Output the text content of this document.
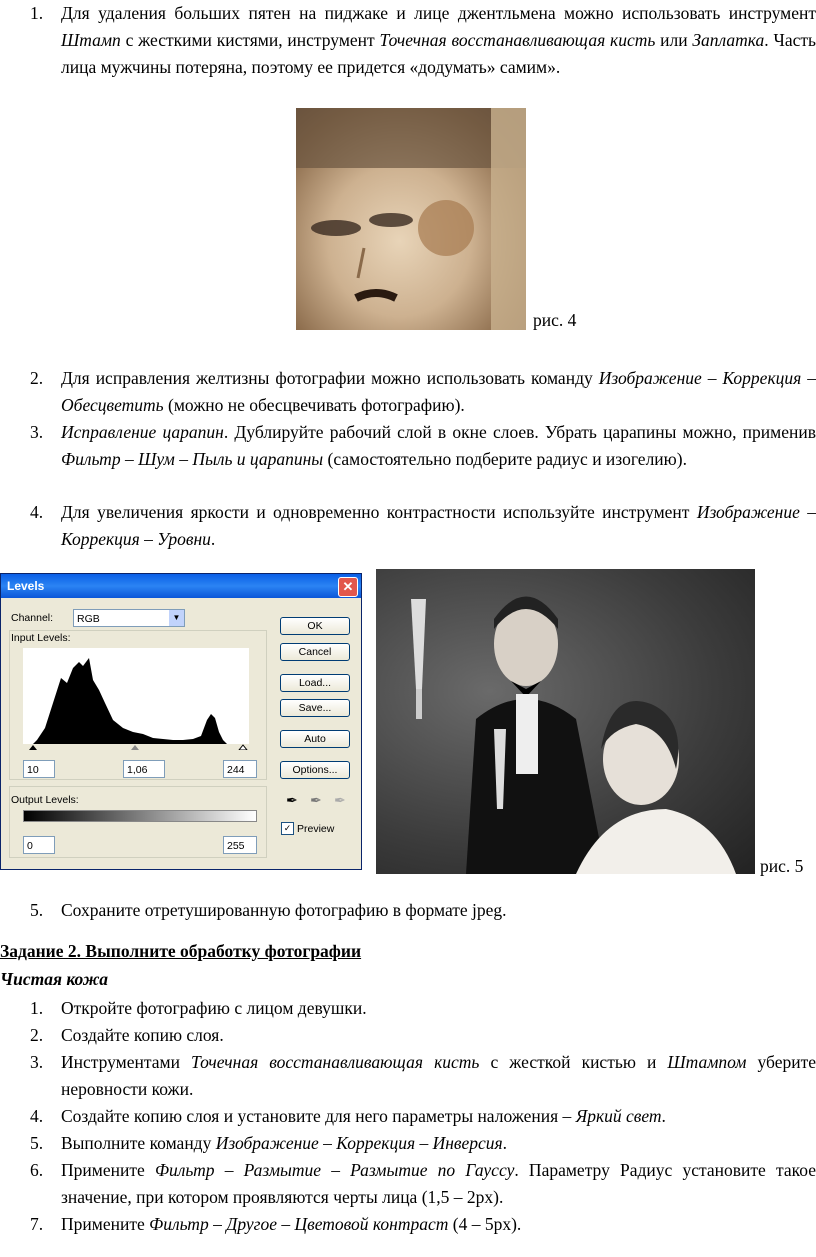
1. Для удаления больших пятен на пиджаке и лице джентльмена можно использовать инструмент Штамп с жесткими кистями, инструмент Точечная восстанавливающая кисть или Заплатка. Часть лица мужчины потеряна, поэтому ее придется «додумать» самим».
рис. 4
2. Для исправления желтизны фотографии можно использовать команду Изображение – Коррекция – Обесцветить (можно не обесцвечивать фотографию).
3. Исправление царапин. Дублируйте рабочий слой в окне слоев. Убрать царапины можно, применив Фильтр – Шум – Пыль и царапины (самостоятельно подберите радиус и изогелию).
4. Для увеличения яркости и одновременно контрастности используйте инструмент Изображение – Коррекция – Уровни.
Levels	✕
Channel:	RGB	▼
Input Levels:
10	1,06	244
Output Levels:
0	255
OK
Cancel
Load...
Save...
Auto
Options...
✒ ✒ ✒
✓ Preview
рис. 5
5. Сохраните отретушированную фотографию в формате jpeg.
Задание 2. Выполните обработку фотографии
Чистая кожа
1. Откройте фотографию с лицом девушки.
2. Создайте копию слоя.
3. Инструментами Точечная восстанавливающая кисть с жесткой кистью и Штампом уберите неровности кожи.
4. Создайте копию слоя и установите для него параметры наложения – Яркий свет.
5. Выполните команду Изображение – Коррекция – Инверсия.
6. Примените Фильтр – Размытие – Размытие по Гауссу. Параметру Радиус установите такое значение, при котором проявляются черты лица (1,5 – 2рх).
7. Примените Фильтр – Другое – Цветовой контраст (4 – 5рх).
